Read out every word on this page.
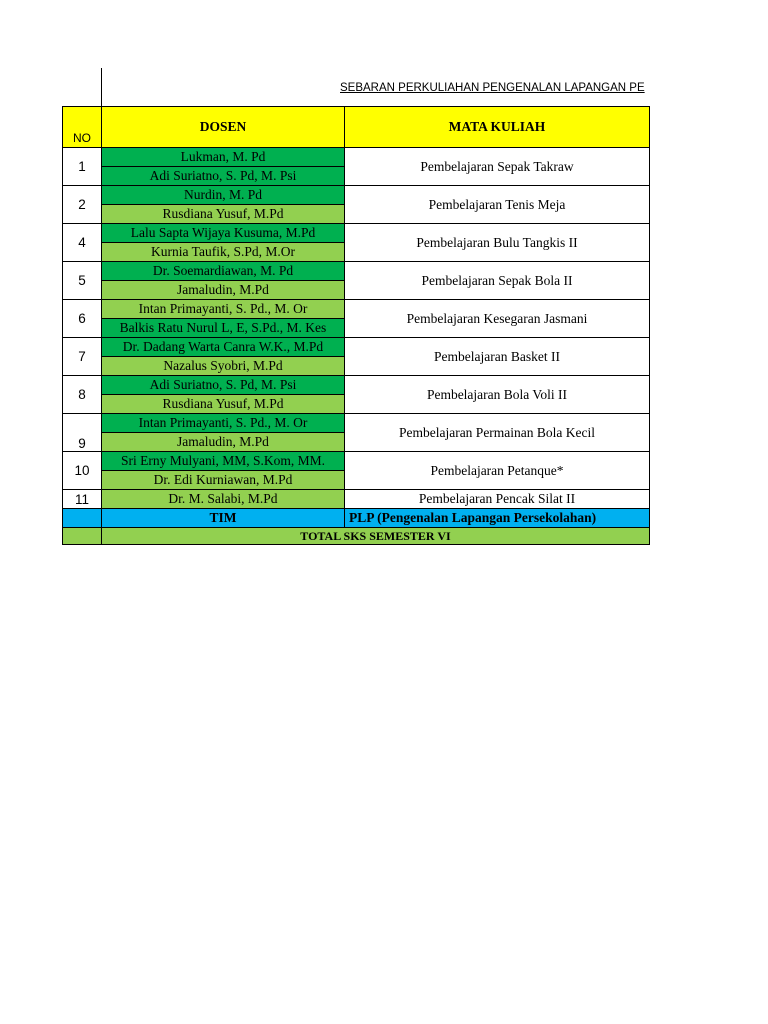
SEBARAN PERKULIAHAN PENGENALAN LAPANGAN PE
NO	DOSEN	MATA KULIAH
1	Lukman, M. Pd	Pembelajaran Sepak Takraw
	Adi Suriatno, S. Pd, M. Psi	
2	Nurdin, M. Pd	Pembelajaran Tenis Meja
	Rusdiana Yusuf, M.Pd	
4	Lalu Sapta Wijaya Kusuma, M.Pd	Pembelajaran Bulu Tangkis II
	Kurnia Taufik, S.Pd, M.Or	
5	Dr. Soemardiawan, M. Pd	Pembelajaran Sepak Bola II
	Jamaludin, M.Pd	
6	Intan Primayanti, S. Pd., M. Or	Pembelajaran Kesegaran Jasmani
	Balkis Ratu Nurul L, E, S.Pd., M. Kes	
7	Dr. Dadang Warta Canra W.K., M.Pd	Pembelajaran Basket II
	Nazalus Syobri, M.Pd	
8	Adi Suriatno, S. Pd, M. Psi	Pembelajaran Bola Voli II
	Rusdiana Yusuf, M.Pd	
9	Intan Primayanti, S. Pd., M. Or	Pembelajaran Permainan Bola Kecil
	Jamaludin, M.Pd	
10	Sri Erny Mulyani, MM, S.Kom, MM.	Pembelajaran Petanque*
	Dr. Edi Kurniawan, M.Pd	
11	Dr. M. Salabi, M.Pd	Pembelajaran Pencak Silat II
	TIM	PLP (Pengenalan Lapangan Persekolahan)
	TOTAL SKS SEMESTER VI	
